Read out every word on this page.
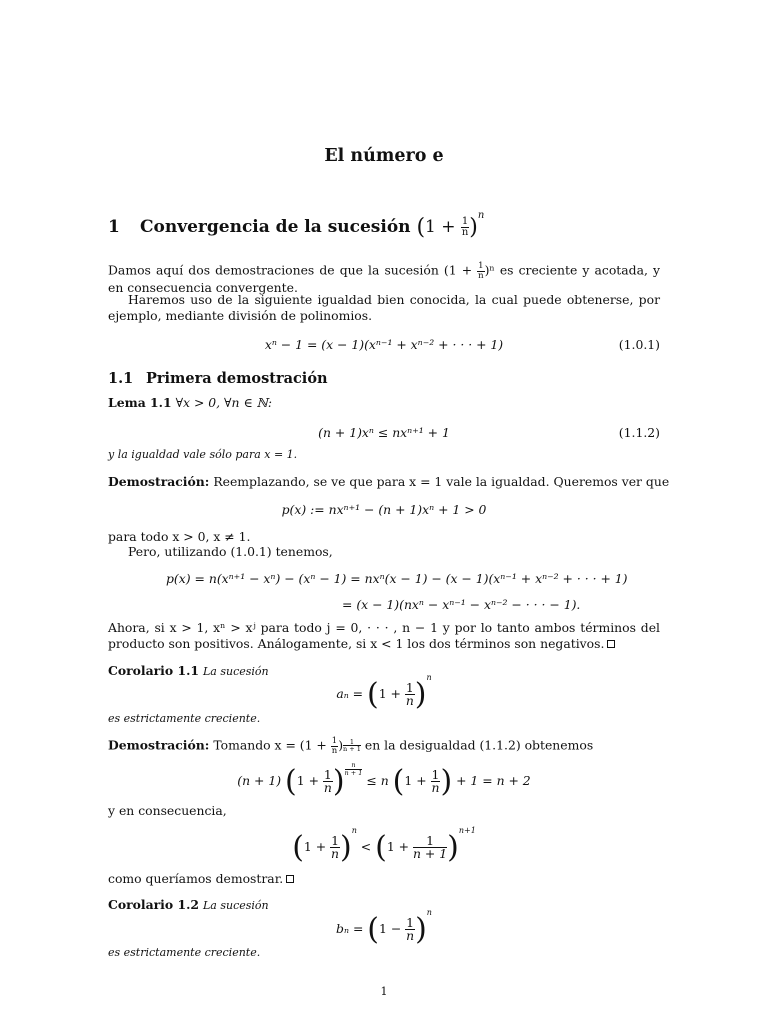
El número e
1 Convergencia de la sucesión $(1 + \frac{1}{n} )^n$
Damos aquí dos demostraciones de que la sucesión $(1 + \frac{1}{n} )^n$ es creciente y acotada, y en consecuencia convergente.
Haremos uso de la siguiente igualdad bien conocida, la cual puede obtenerse, por ejemplo, mediante división de polinomios.
xⁿ − 1 = (x − 1)(xⁿ⁻¹ + xⁿ⁻² + · · · + 1)	(1.0.1)
1.1 Primera demostración
Lema 1.1 ∀x > 0, ∀n ∈ ℕ:
(n + 1)xⁿ ≤ nxⁿ⁺¹ + 1	(1.1.2)
y la igualdad vale sólo para x = 1.
Demostración: Reemplazando, se ve que para x = 1 vale la igualdad. Queremos ver que
p(x) := nxⁿ⁺¹ − (n + 1)xⁿ + 1 > 0
para todo x > 0, x ≠ 1.
Pero, utilizando (1.0.1) tenemos,
p(x) = n(xⁿ⁺¹ − xⁿ) − (xⁿ − 1) = nxⁿ(x − 1) − (x − 1)(xⁿ⁻¹ + xⁿ⁻² + · · · + 1)
= (x − 1)(nxⁿ − xⁿ⁻¹ − xⁿ⁻² − · · · − 1).
Ahora, si x > 1, xⁿ > xʲ para todo j = 0, · · · , n − 1 y por lo tanto ambos términos del producto son positivos. Análogamente, si x < 1 los dos términos son negativos.
Corolario 1.1 La sucesión
$a_n = (1 + \frac{1}{n} )^n$
es estrictamente creciente.
Demostración: Tomando $x = (1 + \frac{1}{n}$ ) $^{\frac{1}{n + 1}}$ en la desigualdad (1.1.2) obtenemos
(n + 1) ($1 + \frac{1}{n}$ ) $^{\frac{n}{n + 1}}$
≤ n ($1 + \frac{1}{n}$ ) + 1 = n + 2
y en consecuencia,
$(1 + \frac{1}{n} )^n < (1 + \frac{1}{n + 1} )^{n+1}$
como queríamos demostrar.
Corolario 1.2 La sucesión
$b_n = (1 - \frac{1}{n} )^n$
es estrictamente creciente.
1
